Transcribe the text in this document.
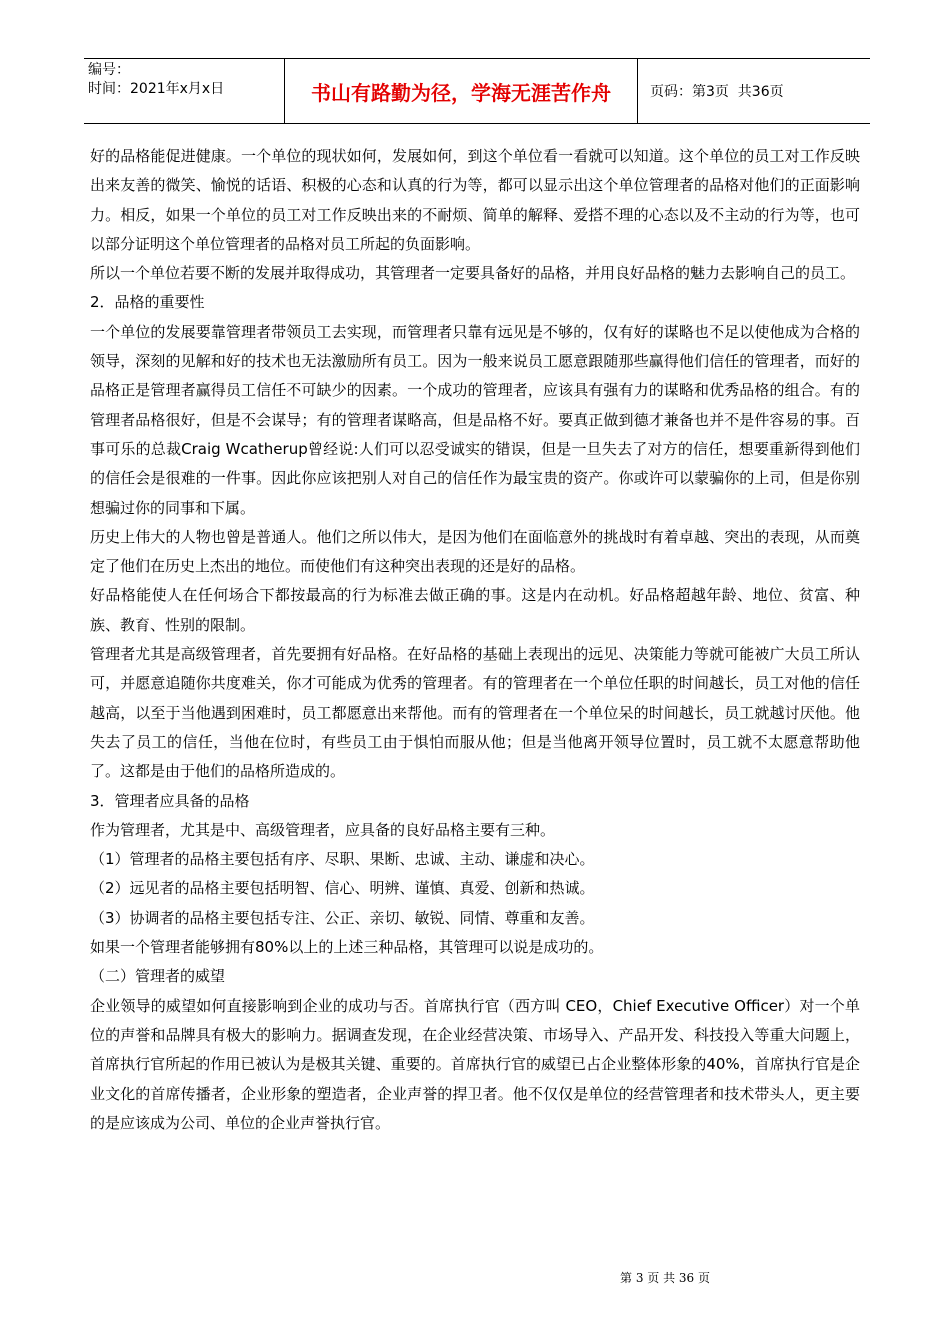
编号：
时间：2021年x月x日	书山有路勤为径，学海无涯苦作舟	页码：第3页  共36页

好的品格能促进健康。一个单位的现状如何，发展如何，到这个单位看一看就可以知道。这个单位的员工对工作反映出来友善的微笑、愉悦的话语、积极的心态和认真的行为等，都可以显示出这个单位管理者的品格对他们的正面影响力。相反，如果一个单位的员工对工作反映出来的不耐烦、简单的解释、爱搭不理的心态以及不主动的行为等，也可以部分证明这个单位管理者的品格对员工所起的负面影响。

所以一个单位若要不断的发展并取得成功，其管理者一定要具备好的品格，并用良好品格的魅力去影响自己的员工。

2．品格的重要性

一个单位的发展要靠管理者带领员工去实现，而管理者只靠有远见是不够的，仅有好的谋略也不足以使他成为合格的领导，深刻的见解和好的技术也无法激励所有员工。因为一般来说员工愿意跟随那些赢得他们信任的管理者，而好的品格正是管理者赢得员工信任不可缺少的因素。一个成功的管理者，应该具有强有力的谋略和优秀品格的组合。有的管理者品格很好，但是不会谋导；有的管理者谋略高，但是品格不好。要真正做到德才兼备也并不是件容易的事。百事可乐的总裁Craig Wcatherup曾经说:人们可以忍受诚实的错误，但是一旦失去了对方的信任，想要重新得到他们的信任会是很难的一件事。因此你应该把别人对自己的信任作为最宝贵的资产。你或许可以蒙骗你的上司，但是你别想骗过你的同事和下属。

历史上伟大的人物也曾是普通人。他们之所以伟大，是因为他们在面临意外的挑战时有着卓越、突出的表现，从而奠定了他们在历史上杰出的地位。而使他们有这种突出表现的还是好的品格。

好品格能使人在任何场合下都按最高的行为标准去做正确的事。这是内在动机。好品格超越年龄、地位、贫富、种族、教育、性别的限制。

管理者尤其是高级管理者，首先要拥有好品格。在好品格的基础上表现出的远见、决策能力等就可能被广大员工所认可，并愿意追随你共度难关，你才可能成为优秀的管理者。有的管理者在一个单位任职的时间越长，员工对他的信任越高，以至于当他遇到困难时，员工都愿意出来帮他。而有的管理者在一个单位呆的时间越长，员工就越讨厌他。他失去了员工的信任，当他在位时，有些员工由于惧怕而服从他；但是当他离开领导位置时，员工就不太愿意帮助他了。这都是由于他们的品格所造成的。

3．管理者应具备的品格

作为管理者，尤其是中、高级管理者，应具备的良好品格主要有三种。

（1）管理者的品格主要包括有序、尽职、果断、忠诚、主动、谦虚和决心。

（2）远见者的品格主要包括明智、信心、明辨、谨慎、真爱、创新和热诚。

（3）协调者的品格主要包括专注、公正、亲切、敏锐、同情、尊重和友善。

如果一个管理者能够拥有80%以上的上述三种品格，其管理可以说是成功的。

（二）管理者的威望

企业领导的威望如何直接影响到企业的成功与否。首席执行官（西方叫 CEO，Chief Executive Officer）对一个单位的声誉和品牌具有极大的影响力。据调查发现，在企业经营决策、市场导入、产品开发、科技投入等重大问题上，首席执行官所起的作用已被认为是极其关键、重要的。首席执行官的威望已占企业整体形象的40%，首席执行官是企业文化的首席传播者，企业形象的塑造者，企业声誉的捍卫者。他不仅仅是单位的经营管理者和技术带头人，更主要的是应该成为公司、单位的企业声誉执行官。

第 3 页 共 36 页
